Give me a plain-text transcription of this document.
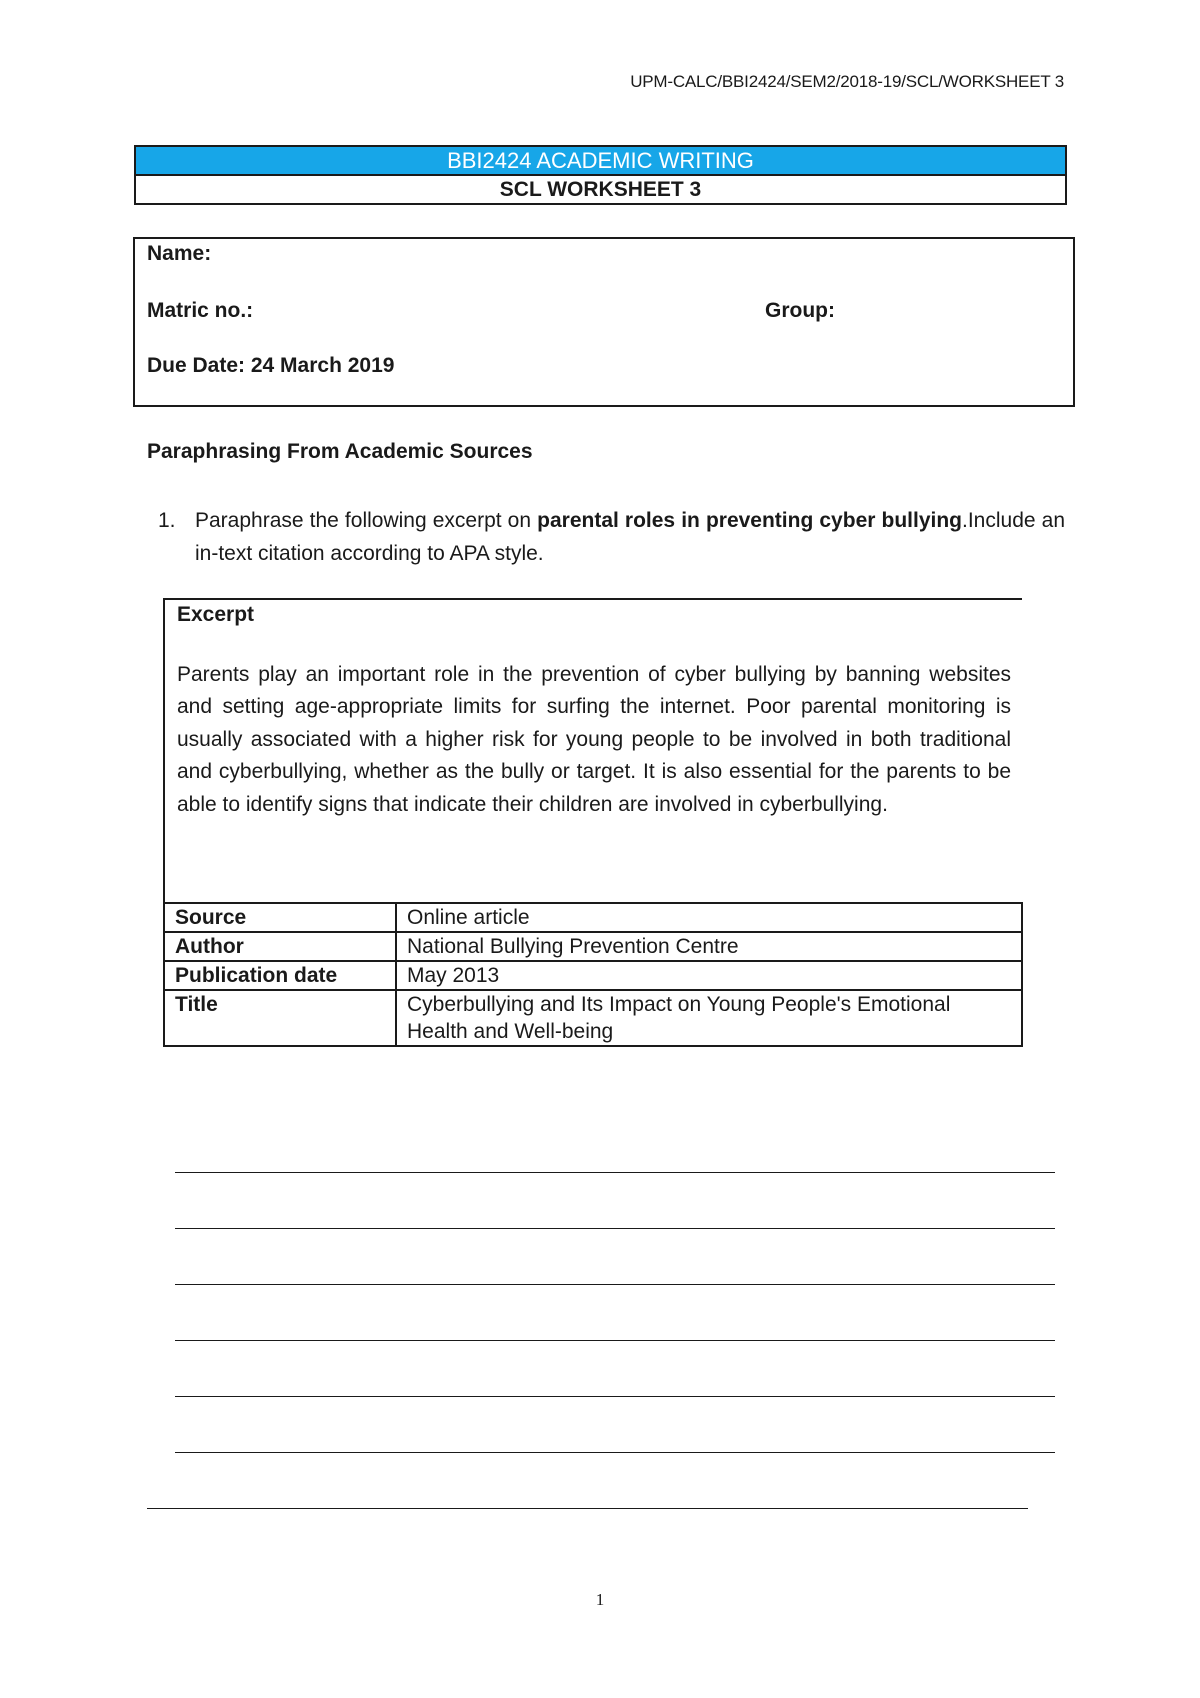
UPM-CALC/BBI2424/SEM2/2018-19/SCL/WORKSHEET 3
BBI2424 ACADEMIC WRITING
SCL WORKSHEET 3
Name:
Matric no.:	Group:
Due Date: 24 March 2019
Paraphrasing From Academic Sources
1. Paraphrase the following excerpt on parental roles in preventing cyber bullying.Include an in-text citation according to APA style.
Excerpt
Parents play an important role in the prevention of cyber bullying by banning websites and setting age-appropriate limits for surfing the internet. Poor parental monitoring is usually associated with a higher risk for young people to be involved in both traditional and cyberbullying, whether as the bully or target. It is also essential for the parents to be able to identify signs that indicate their children are involved in cyberbullying.
Source	Online article
Author	National Bullying Prevention Centre
Publication date	May 2013
Title	Cyberbullying and Its Impact on Young People's Emotional Health and Well-being
1
